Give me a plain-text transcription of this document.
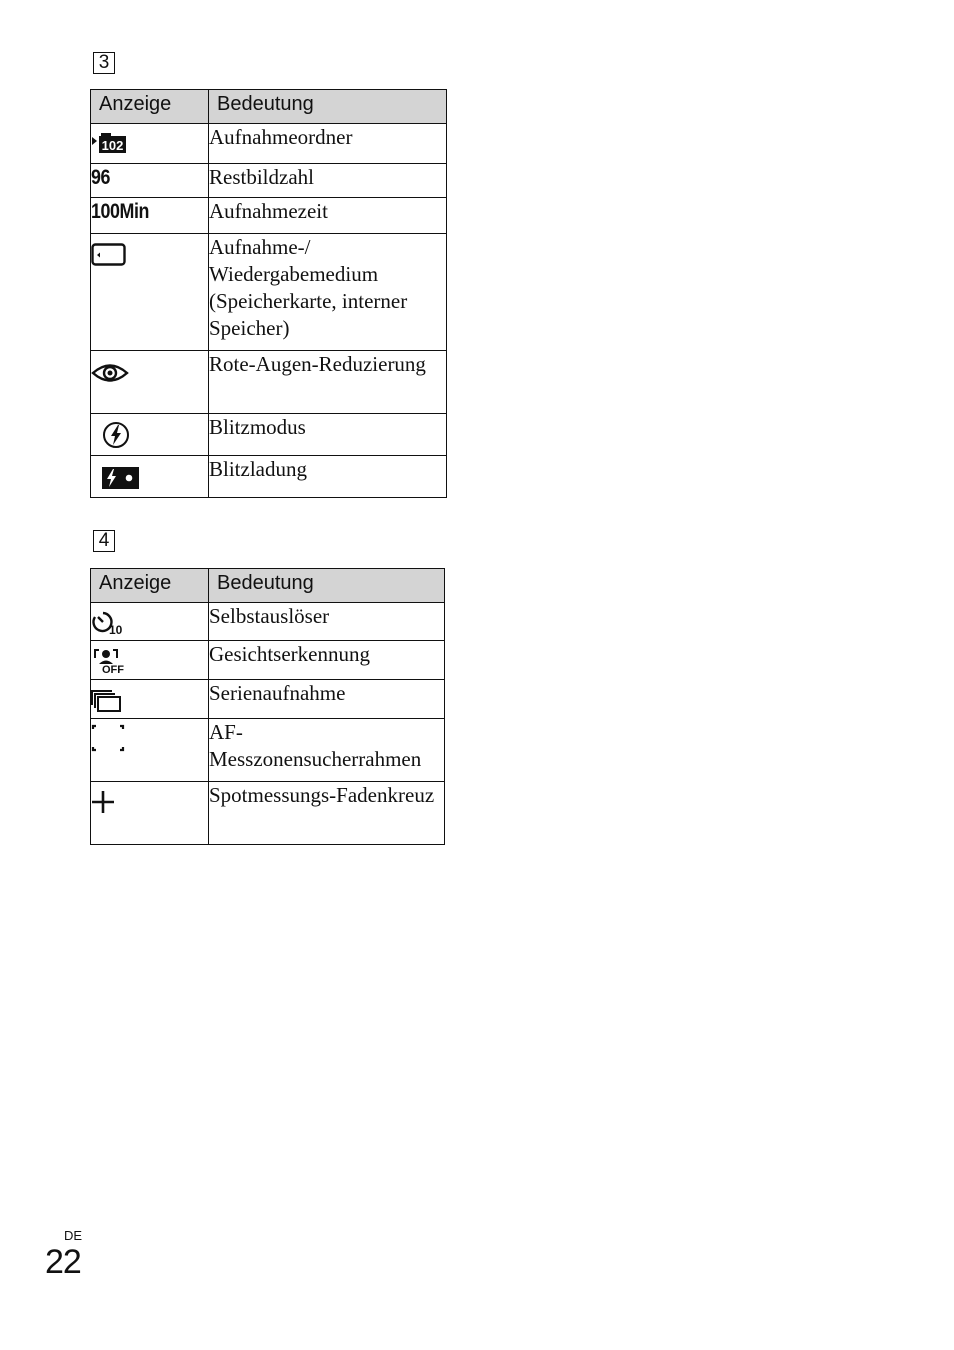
3
Anzeige	Bedeutung

102	Aufnahmeordner
96	Restbildzahl
100Min	Aufnahmezeit

	Aufnahme-/ Wiedergabemedium (Speicherkarte, interner Speicher)

	Rote-Augen-Reduzierung

	Blitzmodus

	Blitzladung
4
Anzeige	Bedeutung

10	Selbstauslöser

OFF	Gesichtserkennung

	Serienaufnahme

	AF-Messzonensucherrahmen

	Spotmessungs-Fadenkreuz
DE
22
